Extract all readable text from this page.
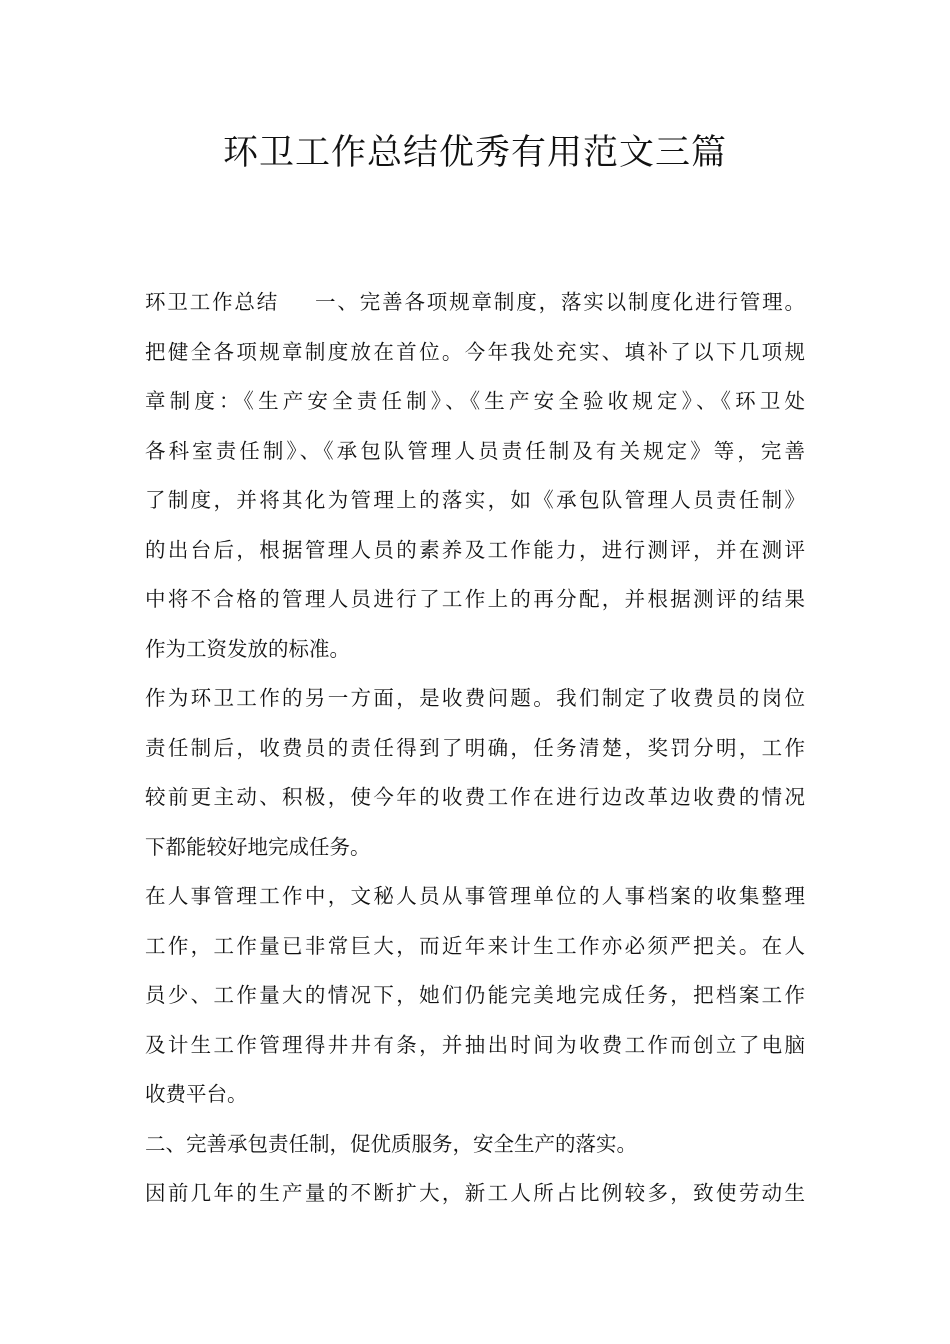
环卫工作总结优秀有用范文三篇
环卫工作总结 一、完善各项规章制度，落实以制度化进行管理。
把健全各项规章制度放在首位。今年我处充实、填补了以下几项规
章制度：《生产安全责任制》、《生产安全验收规定》、《环卫处
各科室责任制》、《承包队管理人员责任制及有关规定》等，完善
了制度，并将其化为管理上的落实，如《承包队管理人员责任制》
的出台后，根据管理人员的素养及工作能力，进行测评，并在测评
中将不合格的管理人员进行了工作上的再分配，并根据测评的结果
作为工资发放的标准。
作为环卫工作的另一方面，是收费问题。我们制定了收费员的岗位
责任制后，收费员的责任得到了明确，任务清楚，奖罚分明，工作
较前更主动、积极，使今年的收费工作在进行边改革边收费的情况
下都能较好地完成任务。
在人事管理工作中，文秘人员从事管理单位的人事档案的收集整理
工作，工作量已非常巨大，而近年来计生工作亦必须严把关。在人
员少、工作量大的情况下，她们仍能完美地完成任务，把档案工作
及计生工作管理得井井有条，并抽出时间为收费工作而创立了电脑
收费平台。
二、完善承包责任制，促优质服务，安全生产的落实。
因前几年的生产量的不断扩大，新工人所占比例较多，致使劳动生
